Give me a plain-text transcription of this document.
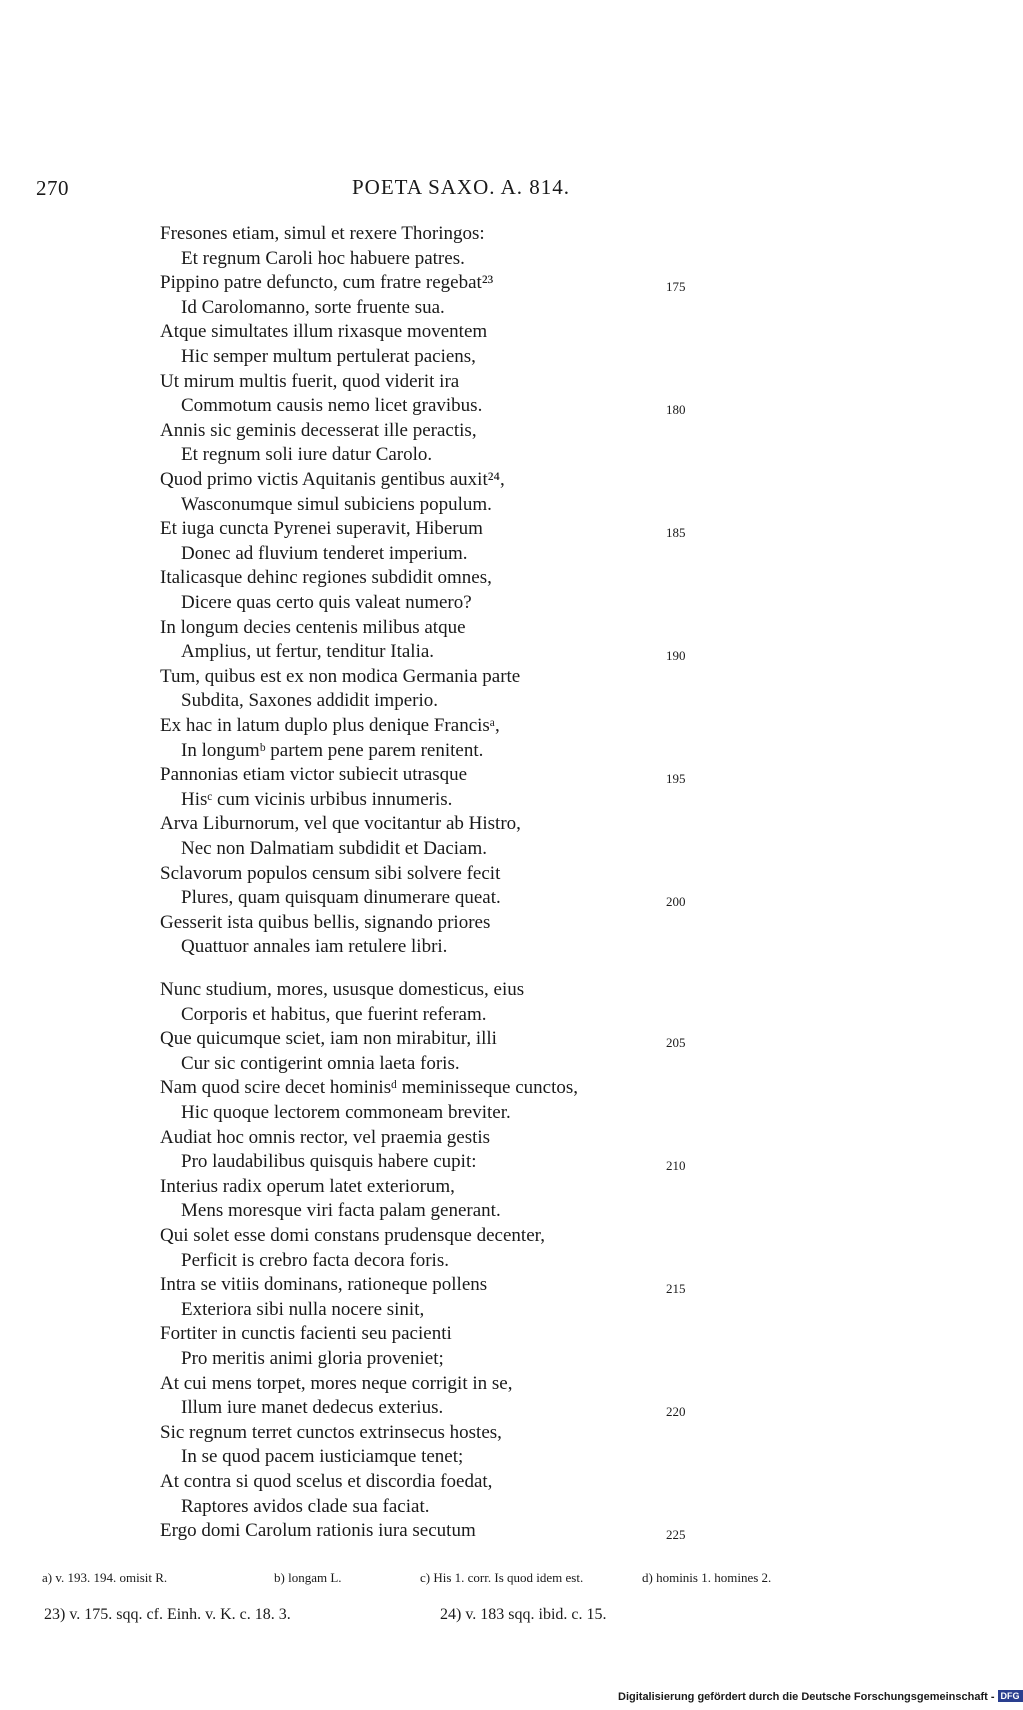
270	POETA SAXO. A. 814.
Fresones etiam, simul et rexere Thoringos:
Et regnum Caroli hoc habuere patres.
Pippino patre defuncto, cum fratre regebat²³	175
Id Carolomanno, sorte fruente sua.
Atque simultates illum rixasque moventem
Hic semper multum pertulerat paciens,
Ut mirum multis fuerit, quod viderit ira
Commotum causis nemo licet gravibus.	180
Annis sic geminis decesserat ille peractis,
Et regnum soli iure datur Carolo.
Quod primo victis Aquitanis gentibus auxit²⁴,
Wasconumque simul subiciens populum.
Et iuga cuncta Pyrenei superavit, Hiberum	185
Donec ad fluvium tenderet imperium.
Italicasque dehinc regiones subdidit omnes,
Dicere quas certo quis valeat numero?
In longum decies centenis milibus atque
Amplius, ut fertur, tenditur Italia.	190
Tum, quibus est ex non modica Germania parte
Subdita, Saxones addidit imperio.
Ex hac in latum duplo plus denique Francisᵃ,
In longumᵇ partem pene parem renitent.
Pannonias etiam victor subiecit utrasque	195
Hisᶜ cum vicinis urbibus innumeris.
Arva Liburnorum, vel que vocitantur ab Histro,
Nec non Dalmatiam subdidit et Daciam.
Sclavorum populos censum sibi solvere fecit
Plures, quam quisquam dinumerare queat.	200
Gesserit ista quibus bellis, signando priores
Quattuor annales iam retulere libri.
Nunc studium, mores, ususque domesticus, eius
Corporis et habitus, que fuerint referam.
Que quicumque sciet, iam non mirabitur, illi	205
Cur sic contigerint omnia laeta foris.
Nam quod scire decet hominisᵈ meminisseque cunctos,
Hic quoque lectorem commoneam breviter.
Audiat hoc omnis rector, vel praemia gestis
Pro laudabilibus quisquis habere cupit:	210
Interius radix operum latet exteriorum,
Mens moresque viri facta palam generant.
Qui solet esse domi constans prudensque decenter,
Perficit is crebro facta decora foris.
Intra se vitiis dominans, rationeque pollens	215
Exteriora sibi nulla nocere sinit,
Fortiter in cunctis facienti seu pacienti
Pro meritis animi gloria proveniet;
At cui mens torpet, mores neque corrigit in se,
Illum iure manet dedecus exterius.	220
Sic regnum terret cunctos extrinsecus hostes,
In se quod pacem iusticiamque tenet;
At contra si quod scelus et discordia foedat,
Raptores avidos clade sua faciat.
Ergo domi Carolum rationis iura secutum	225
a) v. 193. 194. omisit R.	b) longam L.	c) His 1. corr. Is quod idem est.	d) hominis 1. homines 2.
23) v. 175. sqq. cf. Einh. v. K. c. 18. 3.	24) v. 183 sqq. ibid. c. 15.
Digitalisierung gefördert durch die Deutsche Forschungsgemeinschaft - DFG
